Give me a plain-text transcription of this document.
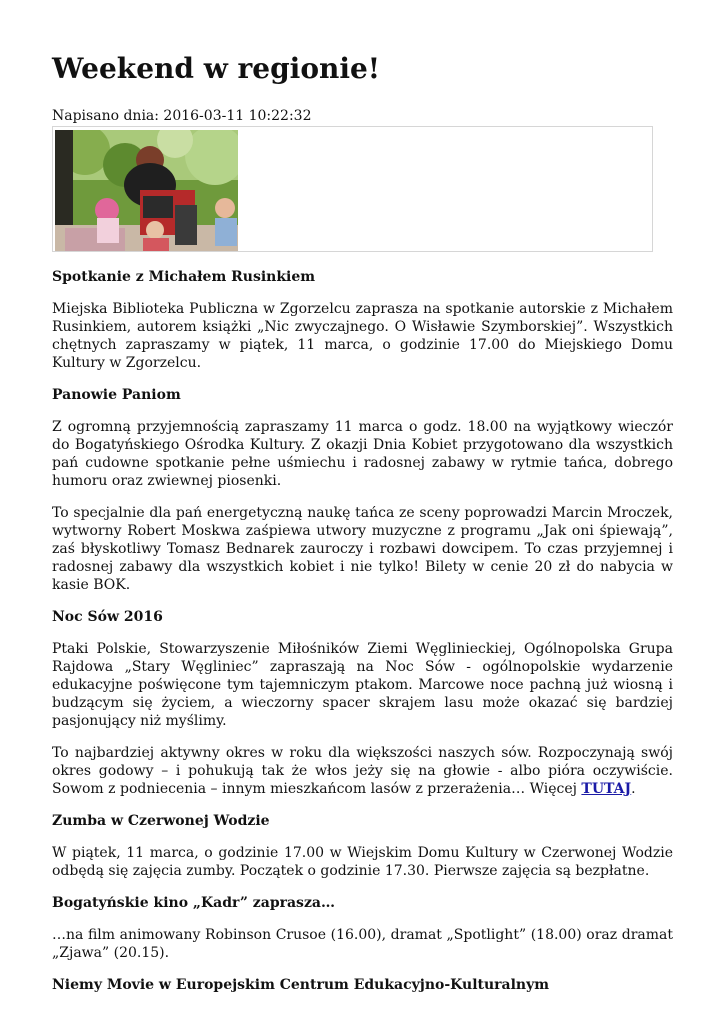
Weekend w regionie!
Napisano dnia: 2016-03-11 10:22:32
Spotkanie z Michałem Rusinkiem

Miejska Biblioteka Publiczna w Zgorzelcu zaprasza na spotkanie autorskie z Michałem Rusinkiem, autorem książki „Nic zwyczajnego. O Wisławie Szymborskiej”. Wszystkich chętnych zapraszamy w piątek, 11 marca, o godzinie 17.00 do Miejskiego Domu Kultury w Zgorzelcu.

Panowie Paniom

Z ogromną przyjemnością zapraszamy 11 marca o godz. 18.00 na wyjątkowy wieczór do Bogatyńskiego Ośrodka Kultury. Z okazji Dnia Kobiet przygotowano dla wszystkich pań cudowne spotkanie pełne uśmiechu i radosnej zabawy w rytmie tańca, dobrego humoru oraz zwiewnej piosenki.

To specjalnie dla pań energetyczną naukę tańca ze sceny poprowadzi Marcin Mroczek, wytworny Robert Moskwa zaśpiewa utwory muzyczne z programu „Jak oni śpiewają”, zaś błyskotliwy Tomasz Bednarek zauroczy i rozbawi dowcipem. To czas przyjemnej i radosnej zabawy dla wszystkich kobiet i nie tylko! Bilety w cenie 20 zł do nabycia w kasie BOK.

Noc Sów 2016

Ptaki Polskie, Stowarzyszenie Miłośników Ziemi Węglinieckiej, Ogólnopolska Grupa Rajdowa „Stary Węgliniec” zapraszają na Noc Sów - ogólnopolskie wydarzenie edukacyjne poświęcone tym tajemniczym ptakom. Marcowe noce pachną już wiosną i budzącym się życiem, a wieczorny spacer skrajem lasu może okazać się bardziej pasjonujący niż myślimy.

To najbardziej aktywny okres w roku dla większości naszych sów. Rozpoczynają swój okres godowy – i pohukują tak że włos jeży się na głowie - albo pióra oczywiście. Sowom z podniecenia – innym mieszkańcom lasów z przerażenia… Więcej TUTAJ.

Zumba w Czerwonej Wodzie

W piątek, 11 marca, o godzinie 17.00 w Wiejskim Domu Kultury w Czerwonej Wodzie odbędą się zajęcia zumby. Początek o godzinie 17.30. Pierwsze zajęcia są bezpłatne.

Bogatyńskie kino „Kadr” zaprasza…

…na film animowany Robinson Crusoe (16.00), dramat „Spotlight” (18.00) oraz dramat „Zjawa” (20.15).

Niemy Movie w Europejskim Centrum Edukacyjno-Kulturalnym
